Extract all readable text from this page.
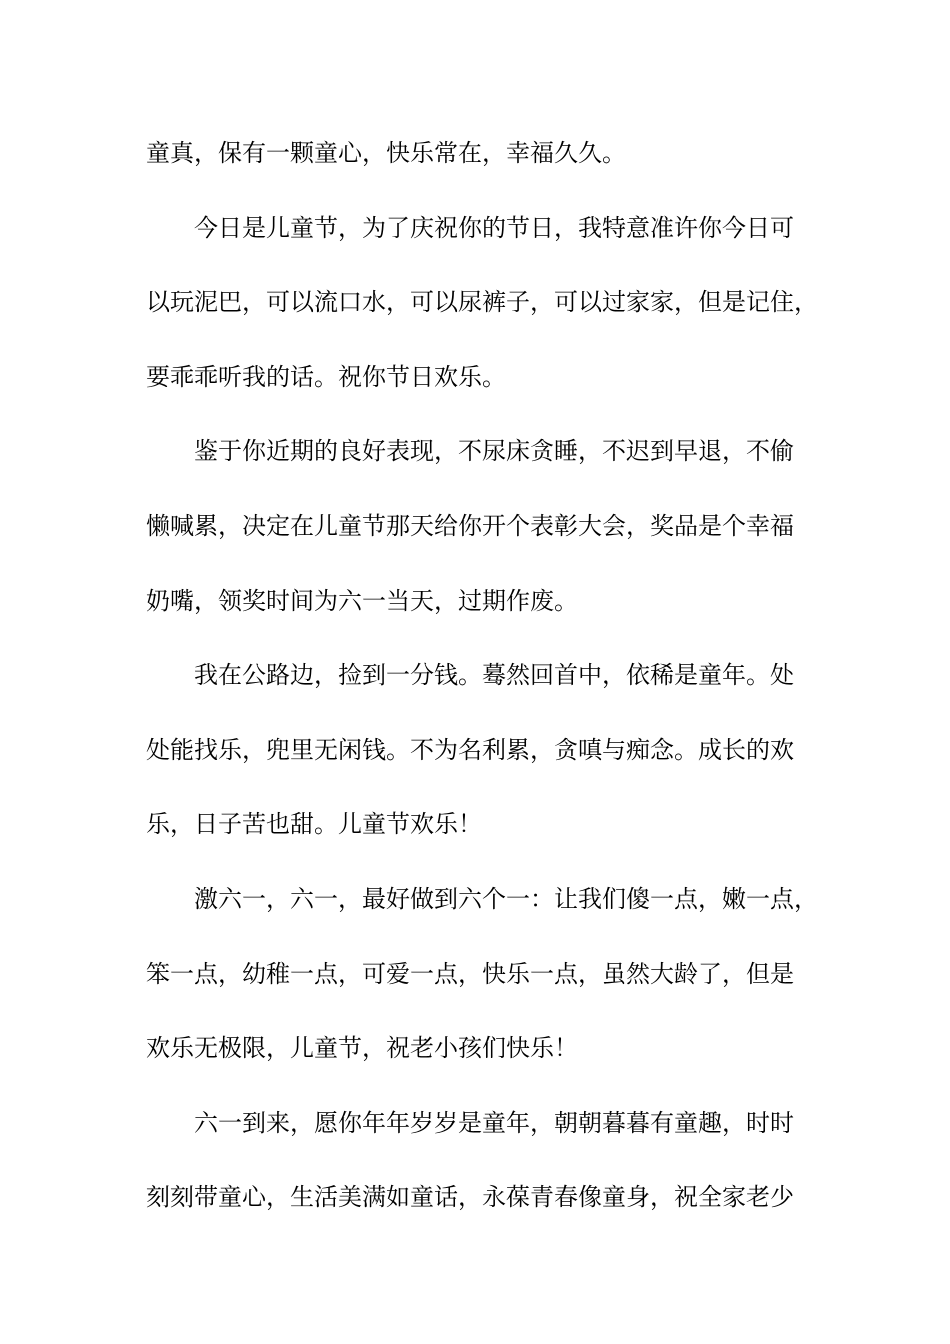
童真，保有一颗童心，快乐常在，幸福久久。
今日是儿童节，为了庆祝你的节日，我特意准许你今日可
以玩泥巴，可以流口水，可以尿裤子，可以过家家，但是记住，
要乖乖听我的话。祝你节日欢乐。
鉴于你近期的良好表现，不尿床贪睡，不迟到早退，不偷
懒喊累，决定在儿童节那天给你开个表彰大会，奖品是个幸福
奶嘴，领奖时间为六一当天，过期作废。
我在公路边，捡到一分钱。蓦然回首中，依稀是童年。处
处能找乐，兜里无闲钱。不为名利累，贪嗔与痴念。成长的欢
乐，日子苦也甜。儿童节欢乐！
激六一，六一，最好做到六个一：让我们傻一点，嫩一点，
笨一点，幼稚一点，可爱一点，快乐一点，虽然大龄了，但是
欢乐无极限，儿童节，祝老小孩们快乐！
六一到来，愿你年年岁岁是童年，朝朝暮暮有童趣，时时
刻刻带童心，生活美满如童话，永葆青春像童身，祝全家老少
